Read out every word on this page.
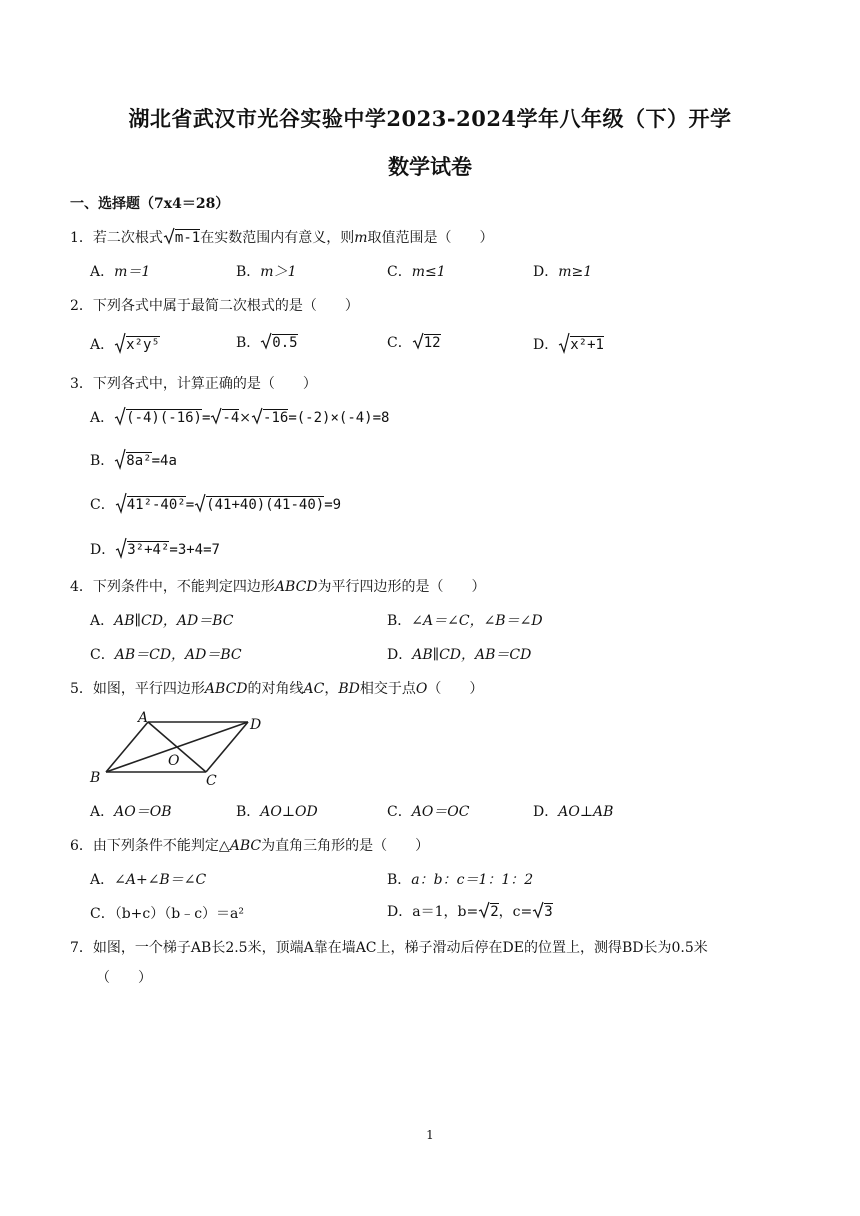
湖北省武汉市光谷实验中学2023-2024学年八年级（下）开学
数学试卷
一、选择题（7x4＝28）
1．若二次根式 m-1在实数范围内有意义，则m取值范围是（　　）
A．m＝1	B．m＞1	C．m≤1	D．m≥1
2．下列各式中属于最简二次根式的是（　　）
A． x²y⁵	B． 0.5	C． 12	D． x²+1
3．下列各式中，计算正确的是（　　）
A． (-4)(-16)= -4× -16=(-2)×(-4)=8
B． 8a²=4a
C． 41²-40²= (41+40)(41-40)=9
D． 3²+4²=3+4=7
4．下列条件中，不能判定四边形ABCD为平行四边形的是（　　）
A．AB∥CD，AD＝BC	B．∠A＝∠C，∠B＝∠D
C．AB＝CD，AD＝BC	D．AB∥CD，AB＝CD
5．如图，平行四边形ABCD的对角线AC，BD相交于点O（　　）
A	D
B	C
O
A．AO＝OB	B．AO⊥OD	C．AO＝OC	D．AO⊥AB
6．由下列条件不能判定△ABC为直角三角形的是（　　）
A．∠A+∠B＝∠C	B．a：b：c＝1：1：2
C．（b+c）（b﹣c）＝a²	D．a＝1，b= 2，c= 3
7．如图，一个梯子AB长2.5米，顶端A靠在墙AC上，梯子滑动后停在DE的位置上，测得BD长为0.5米
（　　）
1
